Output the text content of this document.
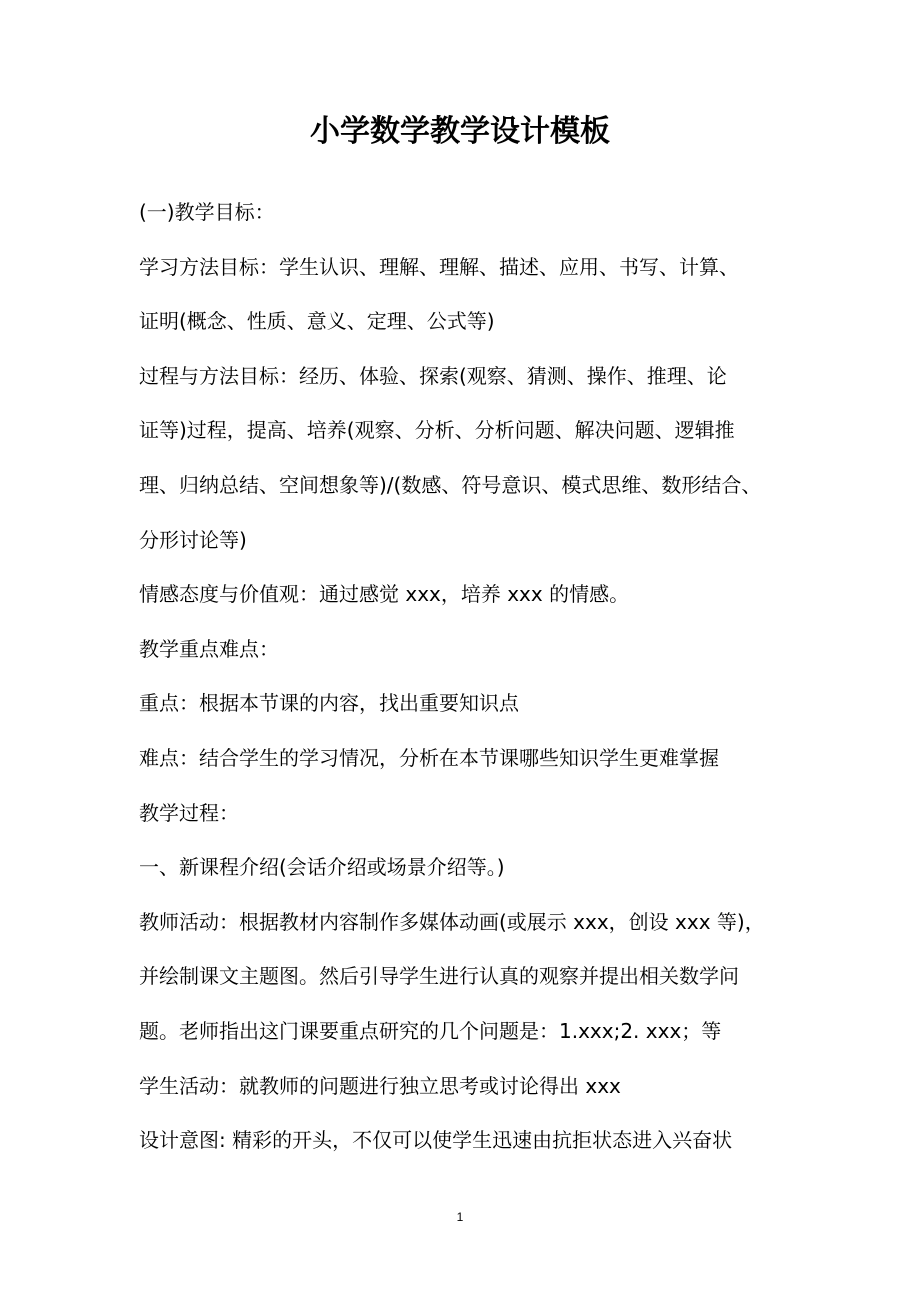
小学数学教学设计模板

(一)教学目标：

学习方法目标：学生认识、理解、理解、描述、应用、书写、计算、

证明(概念、性质、意义、定理、公式等)

过程与方法目标：经历、体验、探索(观察、猜测、操作、推理、论

证等)过程，提高、培养(观察、分析、分析问题、解决问题、逻辑推

理、归纳总结、空间想象等)/(数感、符号意识、模式思维、数形结合、

分形讨论等)

情感态度与价值观：通过感觉 xxx，培养 xxx 的情感。

教学重点难点：

重点：根据本节课的内容，找出重要知识点

难点：结合学生的学习情况，分析在本节课哪些知识学生更难掌握

教学过程：

一、新课程介绍(会话介绍或场景介绍等。)

教师活动：根据教材内容制作多媒体动画(或展示 xxx，创设 xxx 等)，

并绘制课文主题图。然后引导学生进行认真的观察并提出相关数学问

题。老师指出这门课要重点研究的几个问题是：1.xxx;2. xxx；等

学生活动：就教师的问题进行独立思考或讨论得出 xxx

设计意图: 精彩的开头，不仅可以使学生迅速由抗拒状态进入兴奋状

1
